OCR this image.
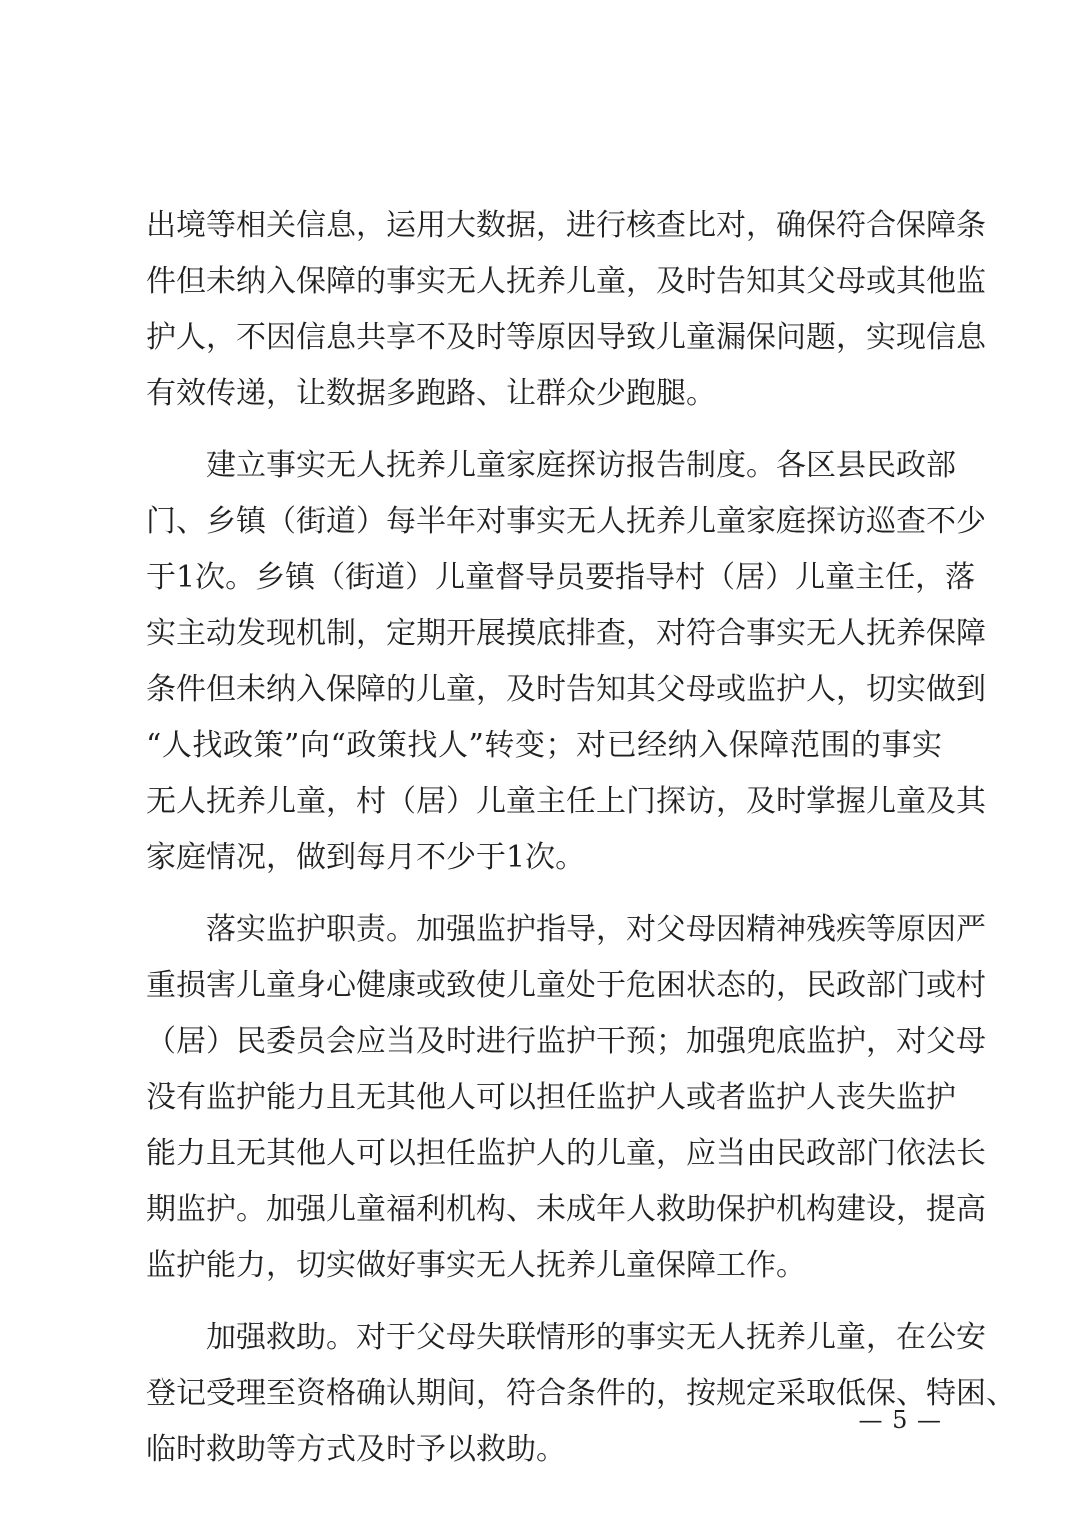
出境等相关信息，运用大数据，进行核查比对，确保符合保障条
件但未纳入保障的事实无人抚养儿童，及时告知其父母或其他监
护人，不因信息共享不及时等原因导致儿童漏保问题，实现信息
有效传递，让数据多跑路、让群众少跑腿。
建立事实无人抚养儿童家庭探访报告制度。各区县民政部
门、乡镇（街道）每半年对事实无人抚养儿童家庭探访巡查不少
于1次。乡镇（街道）儿童督导员要指导村（居）儿童主任，落
实主动发现机制，定期开展摸底排查，对符合事实无人抚养保障
条件但未纳入保障的儿童，及时告知其父母或监护人，切实做到
“人找政策”向“政策找人”转变；对已经纳入保障范围的事实
无人抚养儿童，村（居）儿童主任上门探访，及时掌握儿童及其
家庭情况，做到每月不少于1次。
落实监护职责。加强监护指导，对父母因精神残疾等原因严
重损害儿童身心健康或致使儿童处于危困状态的，民政部门或村
（居）民委员会应当及时进行监护干预；加强兜底监护，对父母
没有监护能力且无其他人可以担任监护人或者监护人丧失监护
能力且无其他人可以担任监护人的儿童，应当由民政部门依法长
期监护。加强儿童福利机构、未成年人救助保护机构建设，提高
监护能力，切实做好事实无人抚养儿童保障工作。
加强救助。对于父母失联情形的事实无人抚养儿童，在公安
登记受理至资格确认期间，符合条件的，按规定采取低保、特困、
临时救助等方式及时予以救助。
— 5 —
